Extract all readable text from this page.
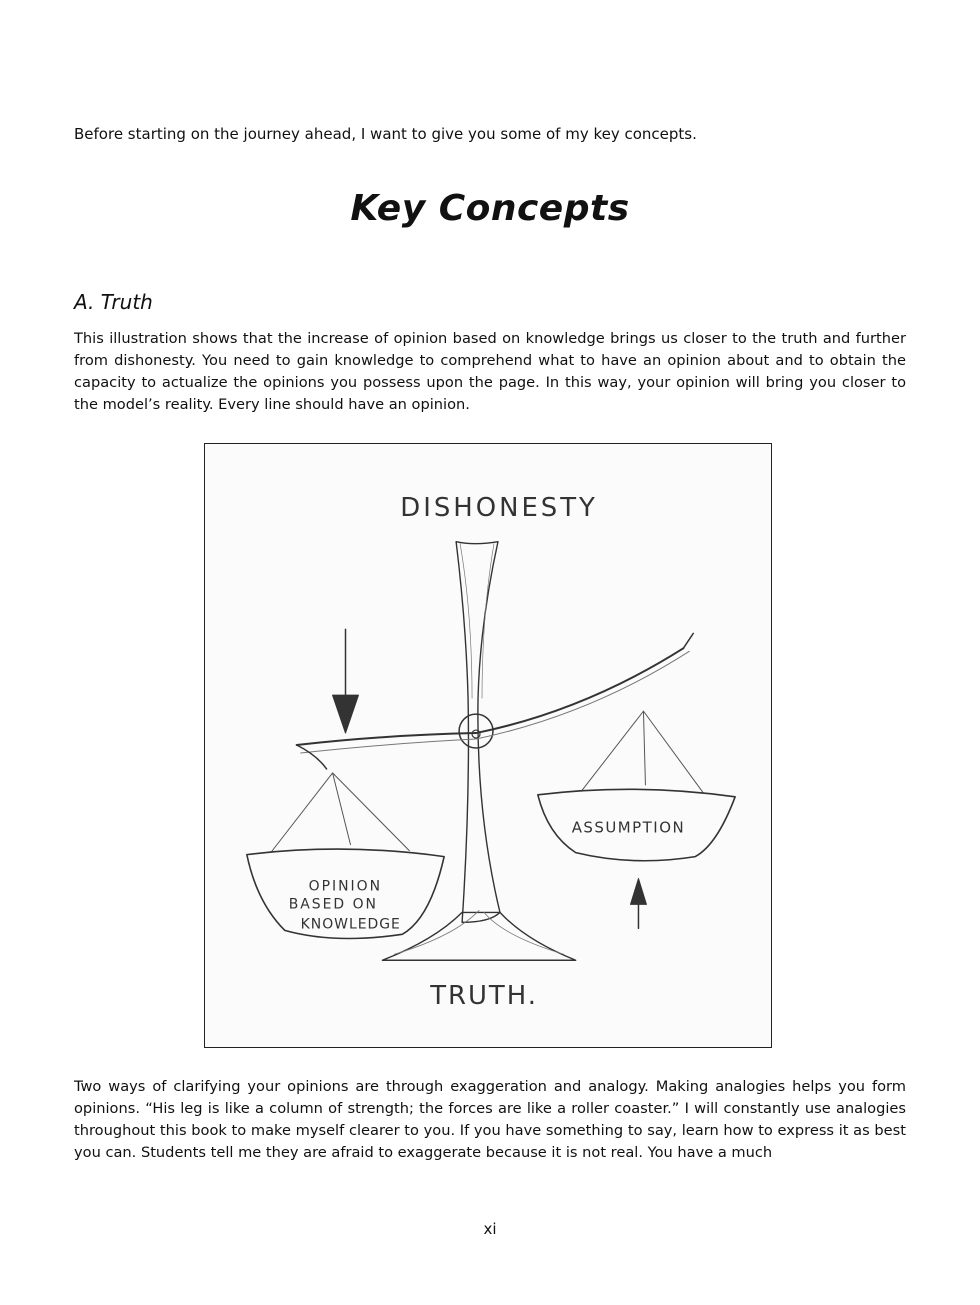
Before starting on the journey ahead, I want to give you some of my key concepts.
Key Concepts
A. Truth
This illustration shows that the increase of opinion based on knowledge brings us closer to the truth and further from dishonesty. You need to gain knowledge to comprehend what to have an opinion about and to obtain the capacity to actualize the opinions you possess upon the page. In this way, your opinion will bring you closer to the model’s reality. Every line should have an opinion.
DISHONESTY
TRUTH.
ASSUMPTION
OPINION
BASED ON
KNOWLEDGE
Two ways of clarifying your opinions are through exaggeration and analogy. Making analogies helps you form opinions. “His leg is like a column of strength; the forces are like a roller coaster.” I will constantly use analogies throughout this book to make myself clearer to you. If you have something to say, learn how to express it as best you can. Students tell me they are afraid to exaggerate because it is not real. You have a much
xi
